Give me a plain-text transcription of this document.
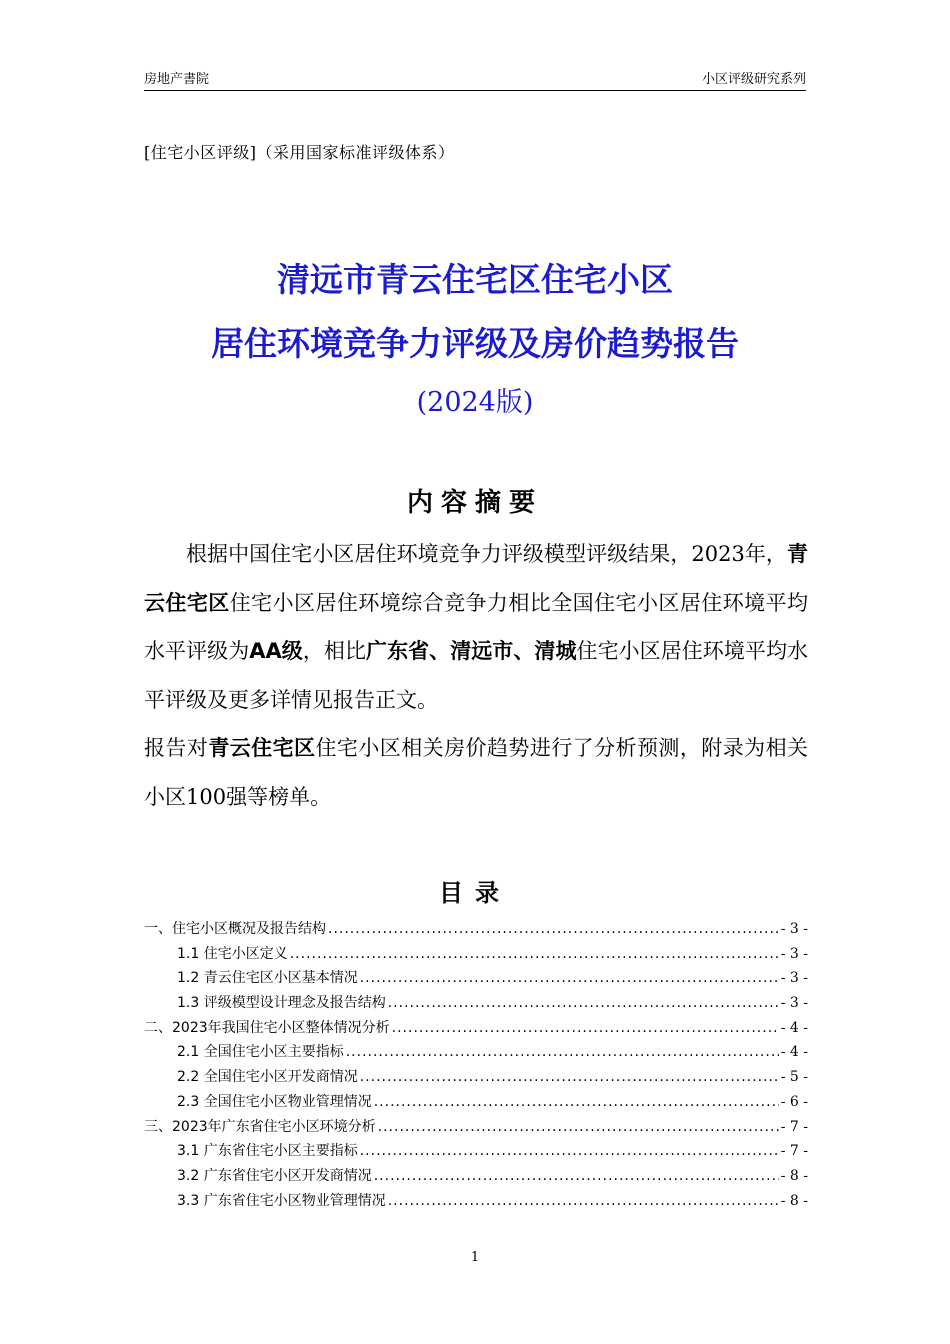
房地产書院	小区评级研究系列
[住宅小区评级]（采用国家标准评级体系）
清远市青云住宅区住宅小区
居住环境竞争力评级及房价趋势报告
(2024版)
内容摘要

根据中国住宅小区居住环境竞争力评级模型评级结果，2023年，青云住宅区住宅小区居住环境综合竞争力相比全国住宅小区居住环境平均水平评级为AA级，相比广东省、清远市、清城住宅小区居住环境平均水平评级及更多详情见报告正文。

报告对青云住宅区住宅小区相关房价趋势进行了分析预测，附录为相关小区100强等榜单。

目录
一、住宅小区概况及报告结构 .....	- 3 -
1.1 住宅小区定义 .....	- 3 -
1.2 青云住宅区小区基本情况 .....	- 3 -
1.3 评级模型设计理念及报告结构 .....	- 3 -
二、2023年我国住宅小区整体情况分析 .....	- 4 -
2.1 全国住宅小区主要指标 .....	- 4 -
2.2 全国住宅小区开发商情况 .....	- 5 -
2.3 全国住宅小区物业管理情况 .....	- 6 -
三、2023年广东省住宅小区环境分析 .....	- 7 -
3.1 广东省住宅小区主要指标 .....	- 7 -
3.2 广东省住宅小区开发商情况 .....	- 8 -
3.3 广东省住宅小区物业管理情况 .....	- 8 -
1
